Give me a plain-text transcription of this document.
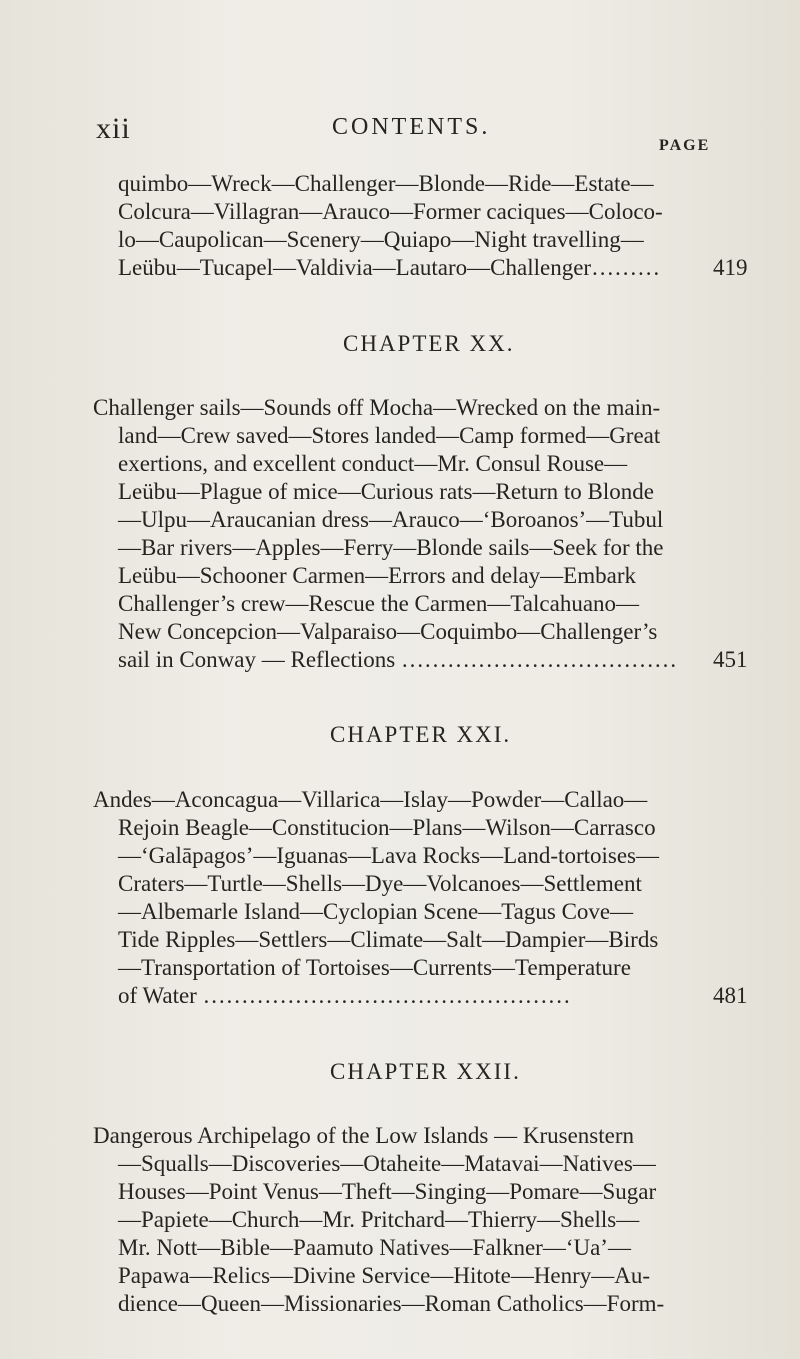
xii	CONTENTS.
PAGE
quimbo—Wreck—Challenger—Blonde—Ride—Estate—
Colcura—Villagran—Arauco—Former caciques—Coloco-
lo—Caupolican—Scenery—Quiapo—Night travelling—
Leübu—Tucapel—Valdivia—Lautaro—Challenger……… 419
CHAPTER XX.
Challenger sails—Sounds off Mocha—Wrecked on the main-
land—Crew saved—Stores landed—Camp formed—Great
exertions, and excellent conduct—Mr. Consul Rouse—
Leübu—Plague of mice—Curious rats—Return to Blonde
—Ulpu—Araucanian dress—Arauco—‘Boroanos’—Tubul
—Bar rivers—Apples—Ferry—Blonde sails—Seek for the
Leübu—Schooner Carmen—Errors and delay—Embark
Challenger’s crew—Rescue the Carmen—Talcahuano—
New Concepcion—Valparaiso—Coquimbo—Challenger’s
sail in Conway — Reflections ……………………………… 451
CHAPTER XXI.
Andes—Aconcagua—Villarica—Islay—Powder—Callao—
Rejoin Beagle—Constitucion—Plans—Wilson—Carrasco
—‘Galāpagos’—Iguanas—Lava Rocks—Land-tortoises—
Craters—Turtle—Shells—Dye—Volcanoes—Settlement
—Albemarle Island—Cyclopian Scene—Tagus Cove—
Tide Ripples—Settlers—Climate—Salt—Dampier—Birds
—Transportation of Tortoises—Currents—Temperature
of Water …………………………………………	481
CHAPTER XXII.
Dangerous Archipelago of the Low Islands — Krusenstern
—Squalls—Discoveries—Otaheite—Matavai—Natives—
Houses—Point Venus—Theft—Singing—Pomare—Sugar
—Papiete—Church—Mr. Pritchard—Thierry—Shells—
Mr. Nott—Bible—Paamuto Natives—Falkner—‘Ua’—
Papawa—Relics—Divine Service—Hitote—Henry—Au-
dience—Queen—Missionaries—Roman Catholics—Form-
